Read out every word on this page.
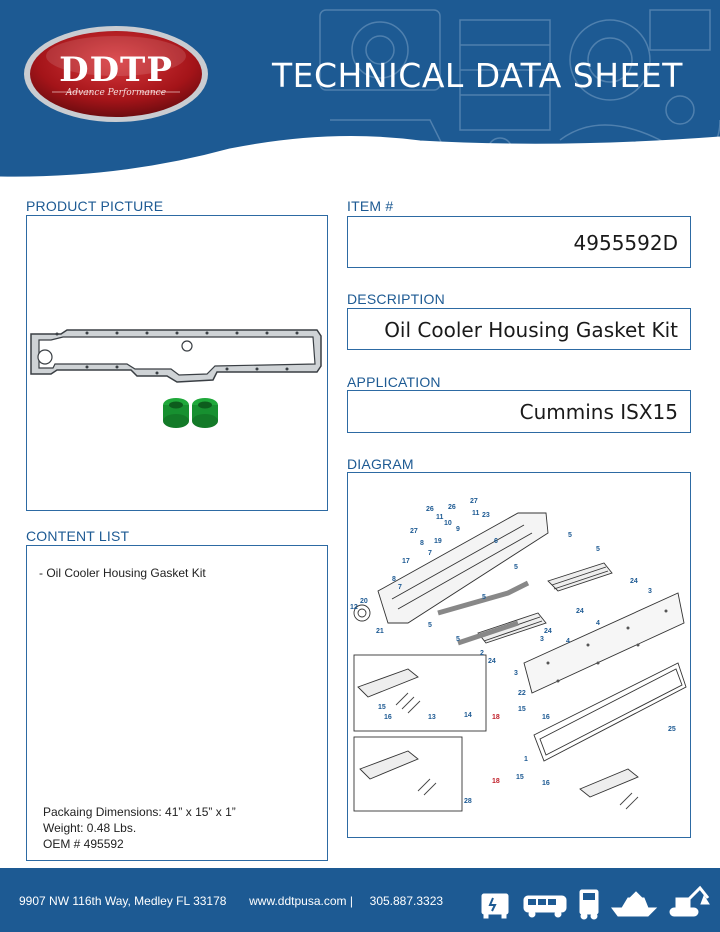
DDTP
Advance Performance	TECHNICAL DATA SHEET
PRODUCT PICTURE
CONTENT LIST
- Oil Cooler Housing Gasket Kit
Packaing Dimensions: 41” x 15” x 1”
Weight: 0.48 Lbs.
OEM # 495592
ITEM #
4955592D
DESCRIPTION
Oil Cooler Housing Gasket Kit
APPLICATION
Cummins ISX15
DIAGRAM
26 26
27
11
10
11 23
9
27
8 19
7
17
8
7
20
12
21
6
5
5
5
5
5
5
24
3
24
4
4
24
3
2
24
3
22
14
15
16	13	18
15
16
25
1
18
15
16
28
9907 NW 116th Way, Medley FL 33178 www.ddtpusa.com | 305.887.3323
